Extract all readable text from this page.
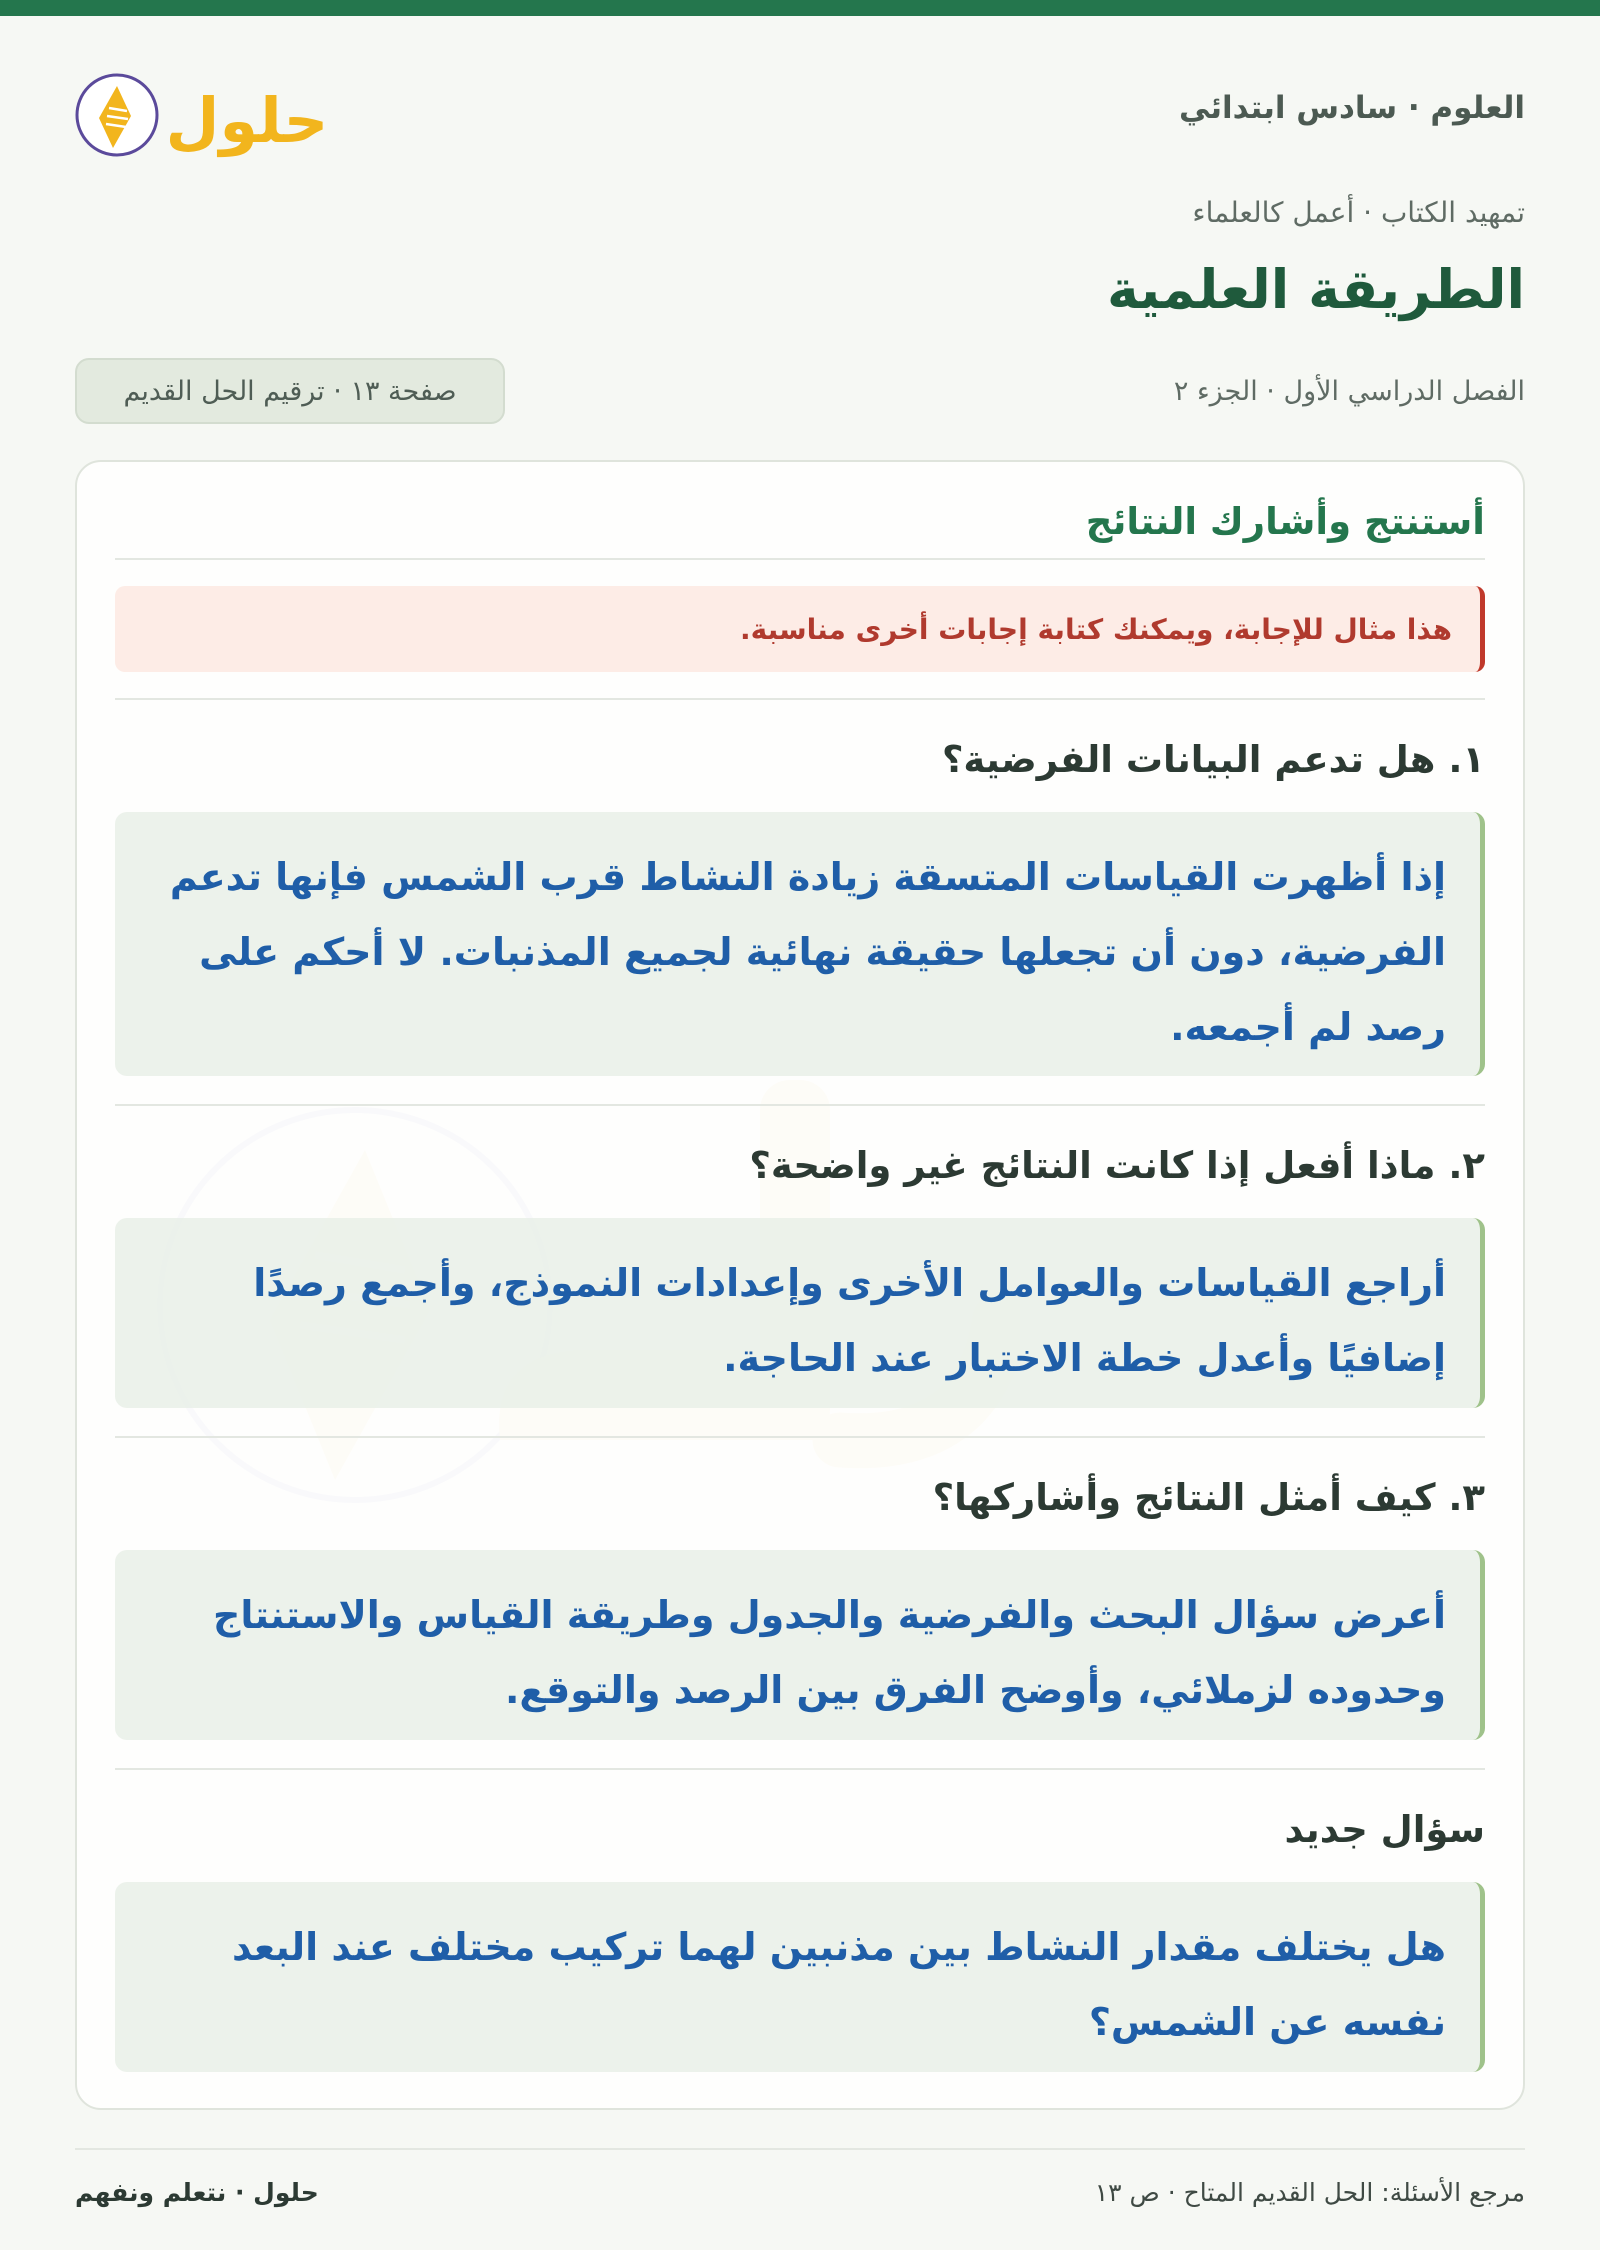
العلوم · سادس ابتدائي
حلول
تمهيد الكتاب · أعمل كالعلماء
الطريقة العلمية
الفصل الدراسي الأول · الجزء ٢
صفحة ١٣ · ترقيم الحل القديم
أستنتج وأشارك النتائج
هذا مثال للإجابة، ويمكنك كتابة إجابات أخرى مناسبة.
١. هل تدعم البيانات الفرضية؟
إذا أظهرت القياسات المتسقة زيادة النشاط قرب الشمس فإنها تدعم الفرضية، دون أن تجعلها حقيقة نهائية لجميع المذنبات. لا أحكم على رصد لم أجمعه.
٢. ماذا أفعل إذا كانت النتائج غير واضحة؟
أراجع القياسات والعوامل الأخرى وإعدادات النموذج، وأجمع رصدًا إضافيًا وأعدل خطة الاختبار عند الحاجة.
٣. كيف أمثل النتائج وأشاركها؟
أعرض سؤال البحث والفرضية والجدول وطريقة القياس والاستنتاج وحدوده لزملائي، وأوضح الفرق بين الرصد والتوقع.
سؤال جديد
هل يختلف مقدار النشاط بين مذنبين لهما تركيب مختلف عند البعد نفسه عن الشمس؟
مرجع الأسئلة: الحل القديم المتاح · ص ١٣
حلول · نتعلم ونفهم
